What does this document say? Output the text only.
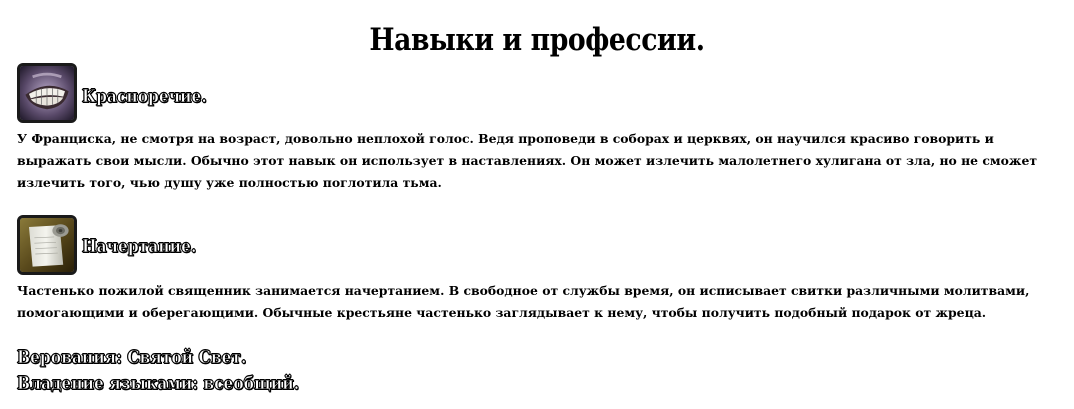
Навыки и профессии.
Красноречие.

У Франциска, не смотря на возраст, довольно неплохой голос. Ведя проповеди в соборах и церквях, он научился красиво говорить и выражать свои мысли. Обычно этот навык он использует в наставлениях. Он может излечить малолетнего хулигана от зла, но не сможет излечить того, чью душу уже полностью поглотила тьма.

Начертание.

Частенько пожилой священник занимается начертанием. В свободное от службы время, он исписывает свитки различными молитвами, помогающими и оберегающими. Обычные крестьяне частенько заглядывает к нему, чтобы получить подобный подарок от жреца.

Верования: Святой Свет.
Владение языками: всеобщий.
